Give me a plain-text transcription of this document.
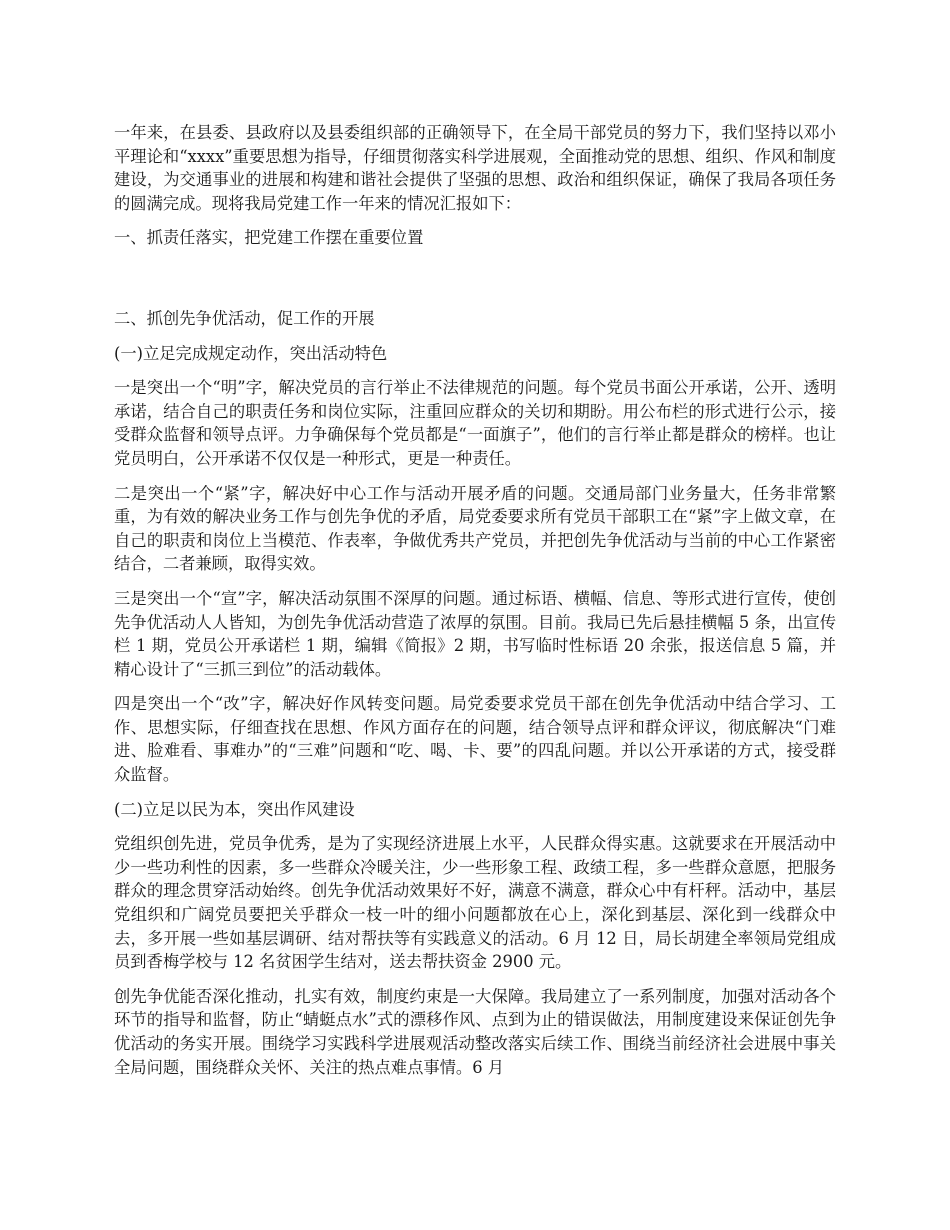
一年来，在县委、县政府以及县委组织部的正确领导下，在全局干部党员的努力下，我们坚持以邓小平理论和“xxxx”重要思想为指导，仔细贯彻落实科学进展观，全面推动党的思想、组织、作风和制度建设，为交通事业的进展和构建和谐社会提供了坚强的思想、政治和组织保证，确保了我局各项任务的圆满完成。现将我局党建工作一年来的情况汇报如下：

一、抓责任落实，把党建工作摆在重要位置

二、抓创先争优活动，促工作的开展

(一)立足完成规定动作，突出活动特色

一是突出一个“明”字，解决党员的言行举止不法律规范的问题。每个党员书面公开承诺，公开、透明承诺，结合自己的职责任务和岗位实际，注重回应群众的关切和期盼。用公布栏的形式进行公示，接受群众监督和领导点评。力争确保每个党员都是“一面旗子”，他们的言行举止都是群众的榜样。也让党员明白，公开承诺不仅仅是一种形式，更是一种责任。

二是突出一个“紧”字，解决好中心工作与活动开展矛盾的问题。交通局部门业务量大，任务非常繁重，为有效的解决业务工作与创先争优的矛盾，局党委要求所有党员干部职工在“紧”字上做文章，在自己的职责和岗位上当模范、作表率，争做优秀共产党员，并把创先争优活动与当前的中心工作紧密结合，二者兼顾，取得实效。

三是突出一个“宣”字，解决活动氛围不深厚的问题。通过标语、横幅、信息、等形式进行宣传，使创先争优活动人人皆知，为创先争优活动营造了浓厚的氛围。目前。我局已先后悬挂横幅 5 条，出宣传栏 1 期，党员公开承诺栏 1 期，编辑《简报》2 期，书写临时性标语 20 余张，报送信息 5 篇，并精心设计了“三抓三到位”的活动载体。

四是突出一个“改”字，解决好作风转变问题。局党委要求党员干部在创先争优活动中结合学习、工作、思想实际，仔细查找在思想、作风方面存在的问题，结合领导点评和群众评议，彻底解决“门难进、脸难看、事难办”的“三难”问题和“吃、喝、卡、要”的四乱问题。并以公开承诺的方式，接受群众监督。

(二)立足以民为本，突出作风建设

党组织创先进，党员争优秀，是为了实现经济进展上水平，人民群众得实惠。这就要求在开展活动中少一些功利性的因素，多一些群众冷暖关注，少一些形象工程、政绩工程，多一些群众意愿，把服务群众的理念贯穿活动始终。创先争优活动效果好不好，满意不满意，群众心中有杆秤。活动中，基层党组织和广阔党员要把关乎群众一枝一叶的细小问题都放在心上，深化到基层、深化到一线群众中去，多开展一些如基层调研、结对帮扶等有实践意义的活动。6 月 12 日，局长胡建全率领局党组成员到香梅学校与 12 名贫困学生结对，送去帮扶资金 2900 元。

创先争优能否深化推动，扎实有效，制度约束是一大保障。我局建立了一系列制度，加强对活动各个环节的指导和监督，防止“蜻蜓点水”式的漂移作风、点到为止的错误做法，用制度建设来保证创先争优活动的务实开展。围绕学习实践科学进展观活动整改落实后续工作、围绕当前经济社会进展中事关全局问题，围绕群众关怀、关注的热点难点事情。6 月
